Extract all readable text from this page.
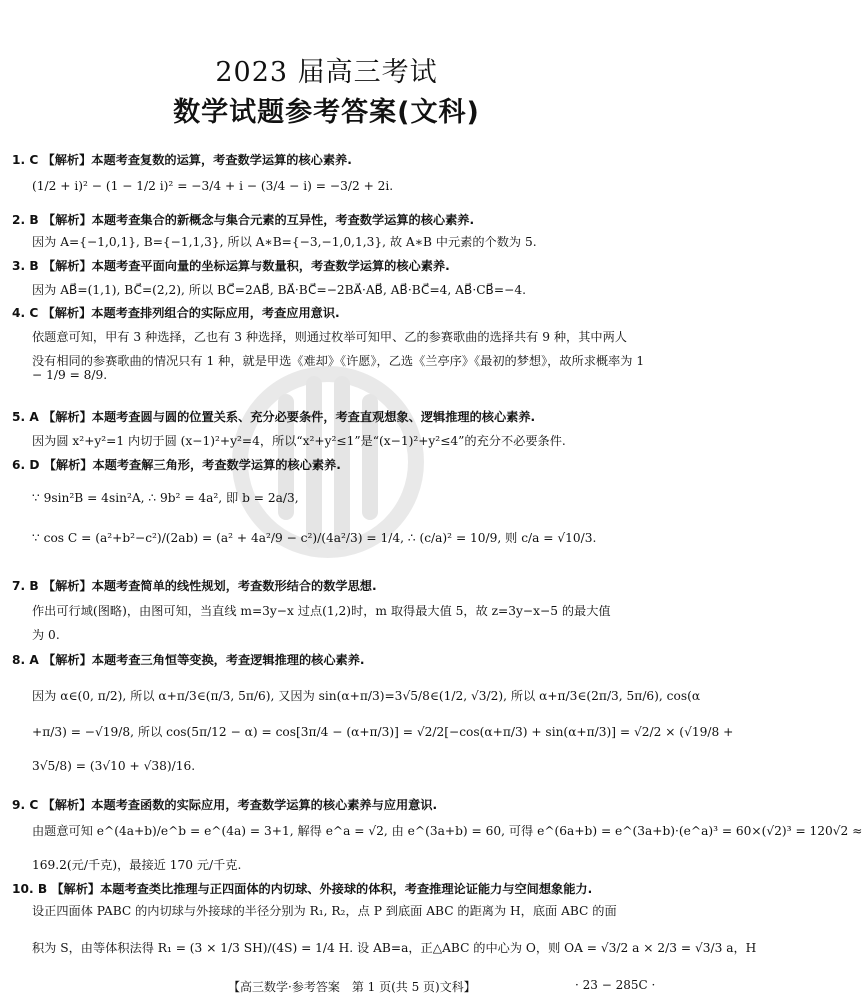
2023 届高三考试
数学试题参考答案(文科)
1. C 【解析】本题考查复数的运算，考查数学运算的核心素养.
(1/2 + i)² − (1 − 1/2 i)² = −3/4 + i − (3/4 − i) = −3/2 + 2i.
2. B 【解析】本题考查集合的新概念与集合元素的互异性，考查数学运算的核心素养.
因为 A={−1,0,1}, B={−1,1,3}, 所以 A∗B={−3,−1,0,1,3}, 故 A∗B 中元素的个数为 5.
3. B 【解析】本题考查平面向量的坐标运算与数量积，考查数学运算的核心素养.
因为 AB⃗=(1,1), BC⃗=(2,2), 所以 BC⃗=2AB⃗, BA⃗·BC⃗=−2BA⃗·AB⃗, AB⃗·BC⃗=4, AB⃗·CB⃗=−4.
4. C 【解析】本题考查排列组合的实际应用，考查应用意识.
依题意可知，甲有 3 种选择，乙也有 3 种选择，则通过枚举可知甲、乙的参赛歌曲的选择共有 9 种，其中两人
没有相同的参赛歌曲的情况只有 1 种，就是甲选《难却》《许愿》，乙选《兰亭序》《最初的梦想》，故所求概率为 1
− 1/9 = 8/9.
5. A 【解析】本题考查圆与圆的位置关系、充分必要条件，考查直观想象、逻辑推理的核心素养.
因为圆 x²+y²=1 内切于圆 (x−1)²+y²=4，所以“x²+y²≤1”是“(x−1)²+y²≤4”的充分不必要条件.
6. D 【解析】本题考查解三角形，考查数学运算的核心素养.
∵ 9sin²B = 4sin²A, ∴ 9b² = 4a², 即 b = 2a/3,
∵ cos C = (a²+b²−c²)/(2ab) = (a² + 4a²/9 − c²)/(4a²/3) = 1/4, ∴ (c/a)² = 10/9, 则 c/a = √10/3.
7. B 【解析】本题考查简单的线性规划，考查数形结合的数学思想.
作出可行域(图略)，由图可知，当直线 m=3y−x 过点(1,2)时，m 取得最大值 5，故 z=3y−x−5 的最大值
为 0.
8. A 【解析】本题考查三角恒等变换，考查逻辑推理的核心素养.
因为 α∈(0, π/2), 所以 α+π/3∈(π/3, 5π/6), 又因为 sin(α+π/3)=3√5/8∈(1/2, √3/2), 所以 α+π/3∈(2π/3, 5π/6), cos(α
+π/3) = −√19/8, 所以 cos(5π/12 − α) = cos[3π/4 − (α+π/3)] = √2/2[−cos(α+π/3) + sin(α+π/3)] = √2/2 × (√19/8 +
3√5/8) = (3√10 + √38)/16.
9. C 【解析】本题考查函数的实际应用，考查数学运算的核心素养与应用意识.
由题意可知 e^(4a+b)/e^b = e^(4a) = 3+1, 解得 e^a = √2, 由 e^(3a+b) = 60, 可得 e^(6a+b) = e^(3a+b)·(e^a)³ = 60×(√2)³ = 120√2 ≈
169.2(元/千克)，最接近 170 元/千克.
10. B 【解析】本题考查类比推理与正四面体的内切球、外接球的体积，考查推理论证能力与空间想象能力.
设正四面体 PABC 的内切球与外接球的半径分别为 R₁, R₂，点 P 到底面 ABC 的距离为 H，底面 ABC 的面
积为 S，由等体积法得 R₁ = (3 × 1/3 SH)/(4S) = 1/4 H. 设 AB=a，正△ABC 的中心为 O，则 OA = √3/2 a × 2/3 = √3/3 a，H
【高三数学·参考答案　第 1 页(共 5 页)文科】	· 23 − 285C ·
